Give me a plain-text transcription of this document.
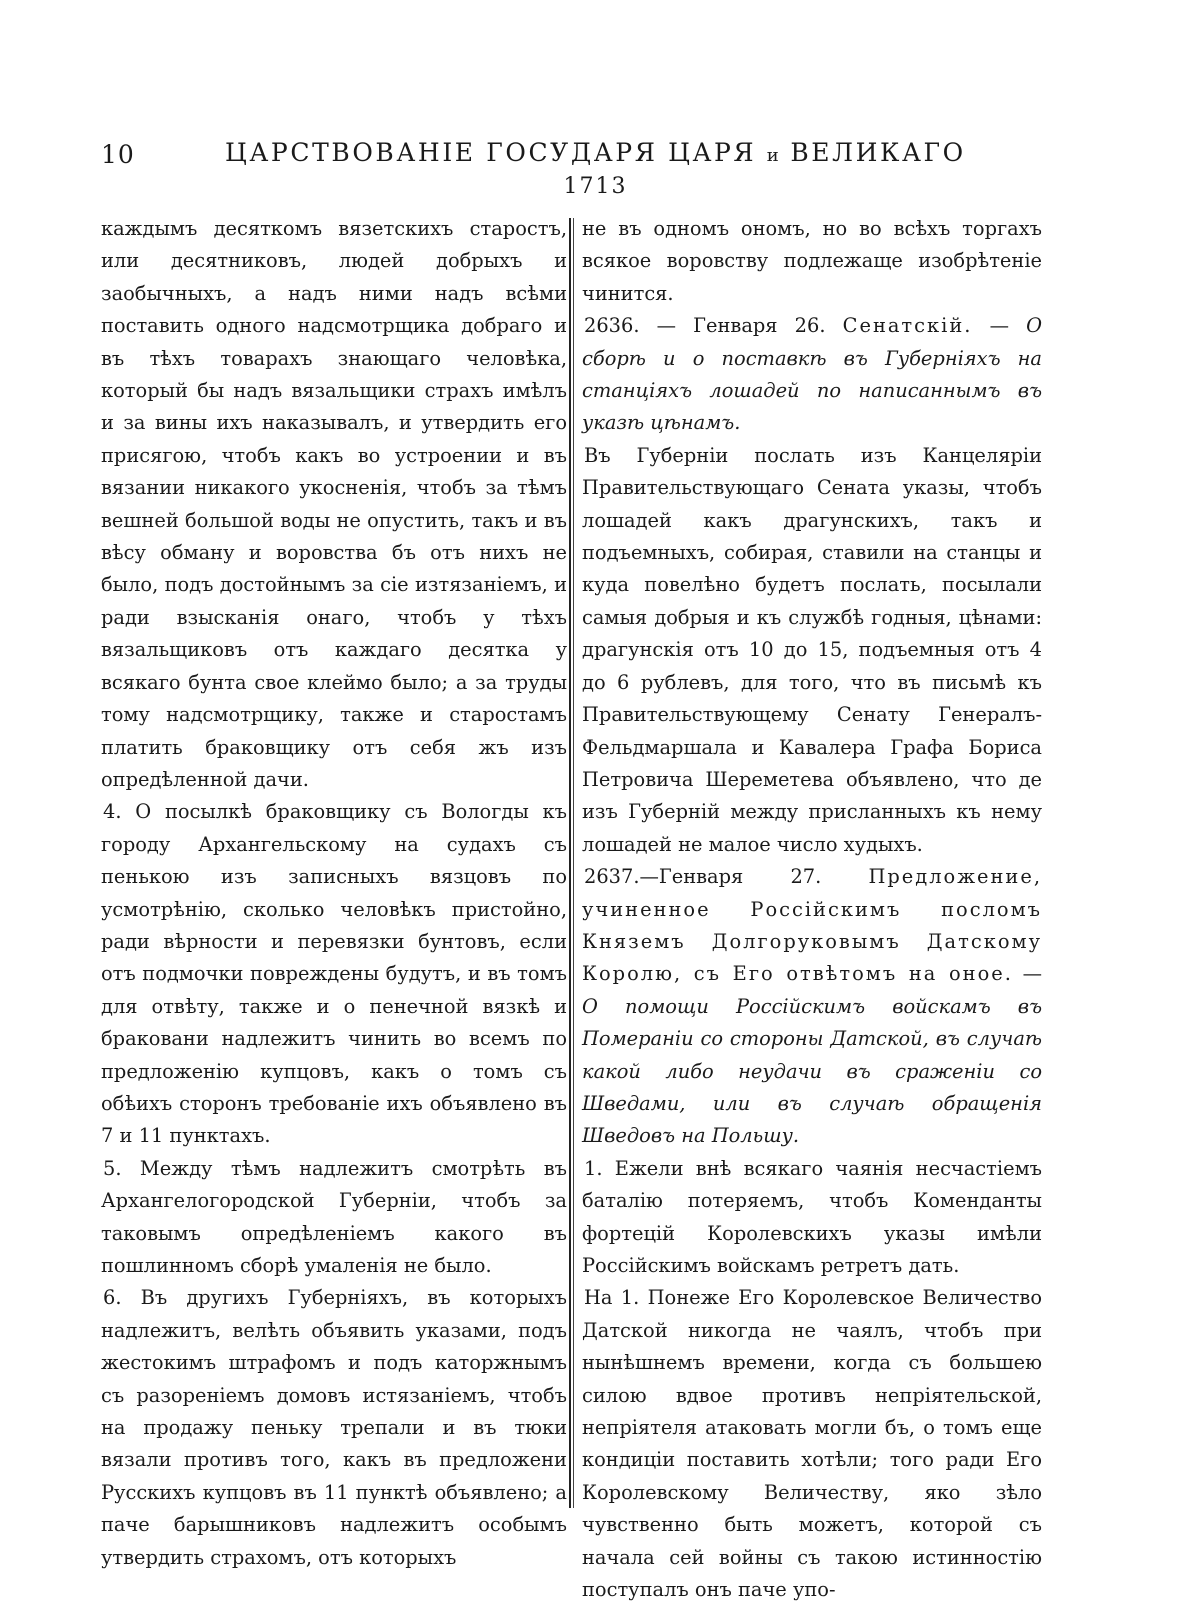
10	ЦАРСТВОВАНІЕ ГОСУДАРЯ ЦАРЯ и ВЕЛИКАГО
1713

каждымъ десяткомъ вязетскихъ старостъ, или десятниковъ, людей добрыхъ и заобычныхъ, а надъ ними надъ всѣми поставить одного надсмотрщика добраго и въ тѣхъ товарахъ знающаго человѣка, который бы надъ вязальщики страхъ имѣлъ и за вины ихъ наказывалъ, и утвердить его присягою, чтобъ какъ во устроении и въ вязании никакого укосненія, чтобъ за тѣмъ вешней большой воды не опустить, такъ и въ вѣсу обману и воровства бъ отъ нихъ не было, подъ достойнымъ за сіе изтязаніемъ, и ради взысканія онаго, чтобъ у тѣхъ вязальщиковъ отъ каждаго десятка у всякаго бунта свое клеймо было; а за труды тому надсмотрщику, также и старостамъ платить браковщику отъ себя жъ изъ опредѣленной дачи.

4. О посылкѣ браковщику съ Вологды къ городу Архангельскому на судахъ съ пенькою изъ записныхъ вязцовъ по усмотрѣнію, сколько человѣкъ пристойно, ради вѣрности и перевязки бунтовъ, если отъ подмочки повреждены будутъ, и въ томъ для отвѣту, также и о пенечной вязкѣ и браковани надлежитъ чинить во всемъ по предложенію купцовъ, какъ о томъ съ обѣихъ сторонъ требованіе ихъ объявлено въ 7 и 11 пунктахъ.

5. Между тѣмъ надлежитъ смотрѣть въ Архангелогородской Губерніи, чтобъ за таковымъ опредѣленіемъ какого въ пошлинномъ сборѣ умаленія не было.

6. Въ другихъ Губерніяхъ, въ которыхъ надлежитъ, велѣть объявить указами, подъ жестокимъ штрафомъ и подъ каторжнымъ съ разореніемъ домовъ истязаніемъ, чтобъ на продажу пеньку трепали и въ тюки вязали противъ того, какъ въ предложени Русскихъ купцовъ въ 11 пунктѣ объявлено; а паче барышниковъ надлежитъ особымъ утвердить страхомъ, отъ которыхъ

не въ одномъ ономъ, но во всѣхъ торгахъ всякое воровству подлежаще изобрѣтеніе чинится.

2636. — Генваря 26. Сенатскій. — О сборѣ и о поставкѣ въ Губерніяхъ на станціяхъ лошадей по написаннымъ въ указѣ цѣнамъ.

Въ Губерніи послать изъ Канцеляріи Правительствующаго Сената указы, чтобъ лошадей какъ драгунскихъ, такъ и подъемныхъ, собирая, ставили на станцы и куда повелѣно будетъ послать, посылали самыя добрыя и къ службѣ годныя, цѣнами: драгунскія отъ 10 до 15, подъемныя отъ 4 до 6 рублевъ, для того, что въ письмѣ къ Правительствующему Сенату Генералъ-Фельдмаршала и Кавалера Графа Бориса Петровича Шереметева объявлено, что де изъ Губерній между присланныхъ къ нему лошадей не малое число худыхъ.

2637.—Генваря 27. Предложение, учиненное Россійскимъ посломъ Княземъ Долгоруковымъ Датскому Королю, съ Его отвѣтомъ на оное. — О помощи Россійскимъ войскамъ въ Помераніи со стороны Датской, въ случаѣ какой либо неудачи въ сраженіи со Шведами, или въ случаѣ обращенія Шведовъ на Польшу.

1. Ежели внѣ всякаго чаянія несчастіемъ баталію потеряемъ, чтобъ Коменданты фортецій Королевскихъ указы имѣли Россійскимъ войскамъ ретретъ дать.

На 1. Понеже Его Королевское Величество Датской никогда не чаялъ, чтобъ при нынѣшнемъ времени, когда съ большею силою вдвое противъ непріятельской, непріятеля атаковать могли бъ, о томъ еще кондиціи поставить хотѣли; того ради Его Королевскому Величеству, яко зѣло чувственно быть можетъ, которой съ начала сей войны съ такою истинностію поступалъ онъ паче упо-
